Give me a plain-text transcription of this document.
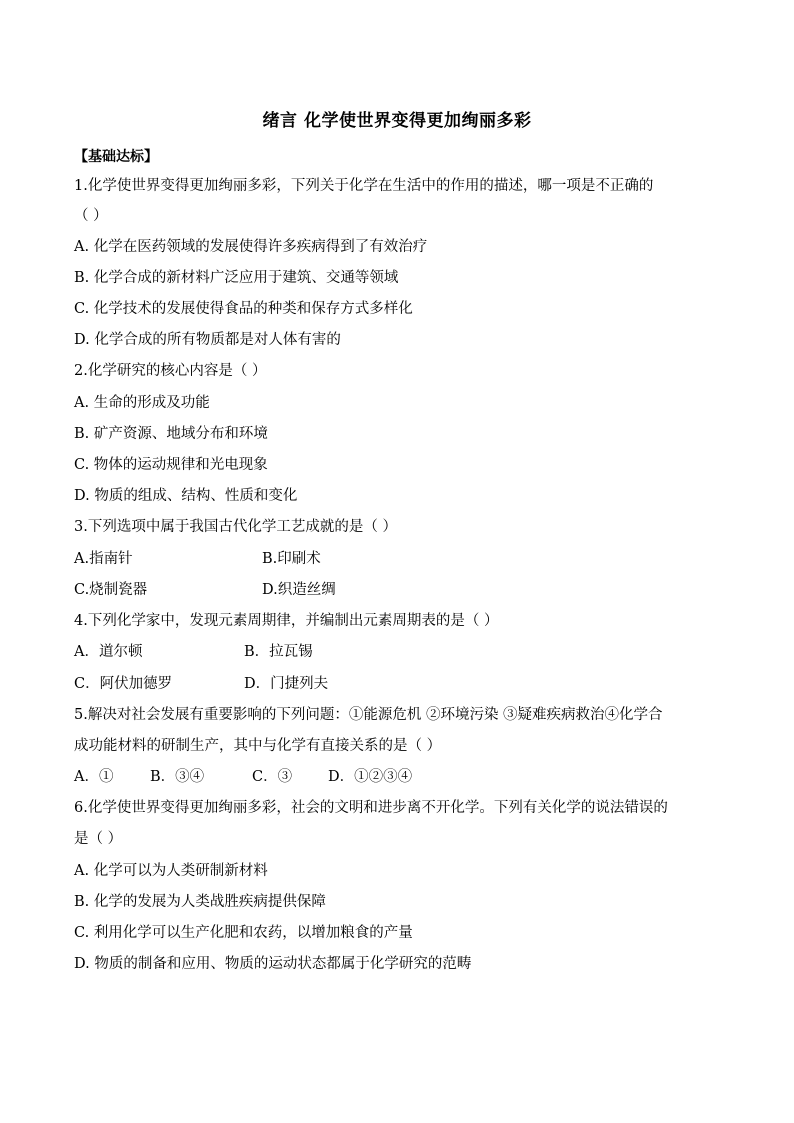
绪言 化学使世界变得更加绚丽多彩
【基础达标】
1.化学使世界变得更加绚丽多彩，下列关于化学在生活中的作用的描述，哪一项是不正确的
（ ）
A. 化学在医药领域的发展使得许多疾病得到了有效治疗
B. 化学合成的新材料广泛应用于建筑、交通等领域
C. 化学技术的发展使得食品的种类和保存方式多样化
D. 化学合成的所有物质都是对人体有害的
2.化学研究的核心内容是（ ）
A. 生命的形成及功能
B. 矿产资源、地域分布和环境
C. 物体的运动规律和光电现象
D. 物质的组成、结构、性质和变化
3.下列选项中属于我国古代化学工艺成就的是（ ）
A.指南针	B.印刷术
C.烧制瓷器	D.织造丝绸
4.下列化学家中，发现元素周期律，并编制出元素周期表的是（ ）
A．道尔顿	B．拉瓦锡
C．阿伏加德罗	D．门捷列夫
5.解决对社会发展有重要影响的下列问题：①能源危机 ②环境污染 ③疑难疾病救治④化学合
成功能材料的研制生产，其中与化学有直接关系的是（ ）
A．①	B．③④	C．③ D．①②③④
6.化学使世界变得更加绚丽多彩，社会的文明和进步离不开化学。下列有关化学的说法错误的
是（ ）
A. 化学可以为人类研制新材料
B. 化学的发展为人类战胜疾病提供保障
C. 利用化学可以生产化肥和农药，以增加粮食的产量
D. 物质的制备和应用、物质的运动状态都属于化学研究的范畴
